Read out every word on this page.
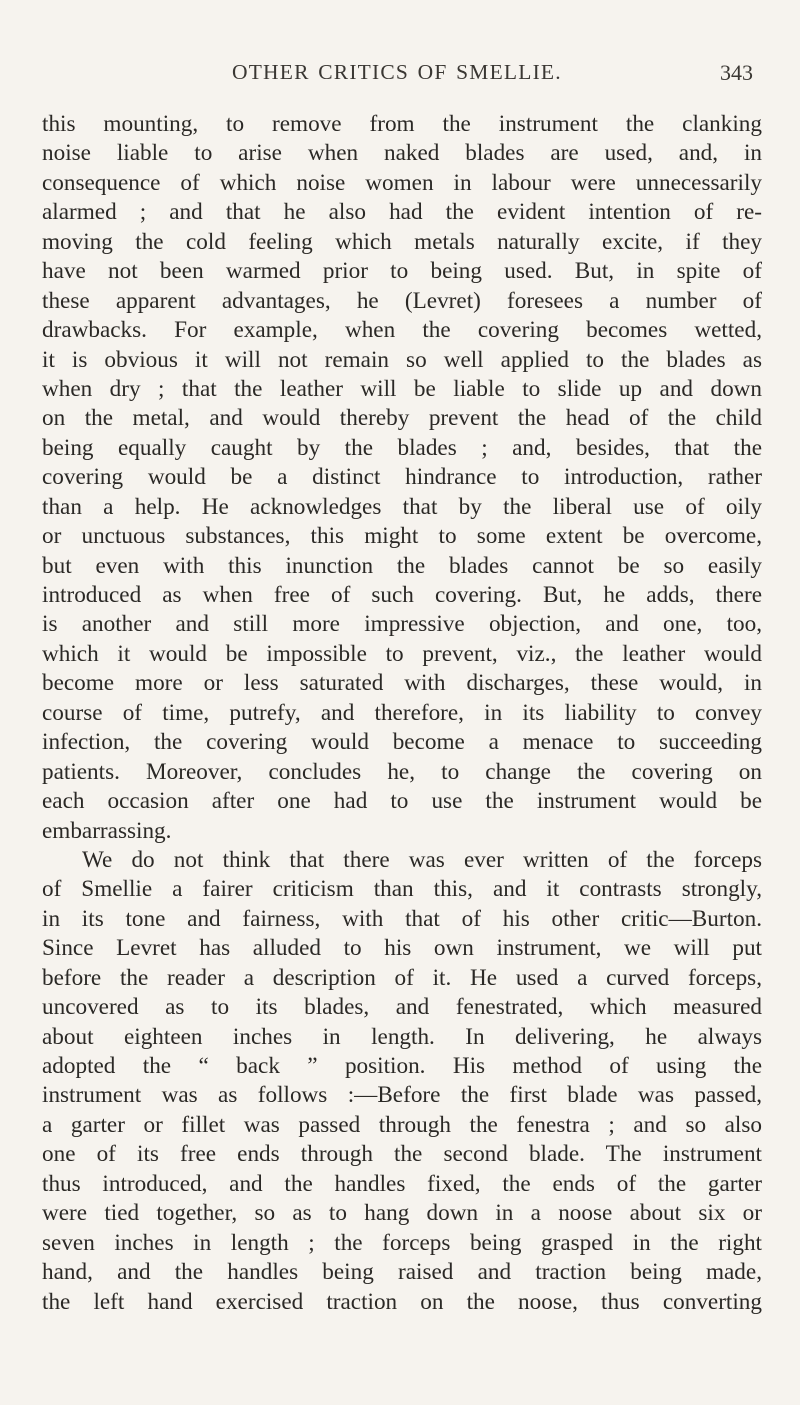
OTHER CRITICS OF SMELLIE.	343
this mounting, to remove from the instrument the clanking
noise liable to arise when naked blades are used, and, in
consequence of which noise women in labour were unnecessarily
alarmed ; and that he also had the evident intention of re-
moving the cold feeling which metals naturally excite, if they
have not been warmed prior to being used. But, in spite of
these apparent advantages, he (Levret) foresees a number of
drawbacks. For example, when the covering becomes wetted,
it is obvious it will not remain so well applied to the blades as
when dry ; that the leather will be liable to slide up and down
on the metal, and would thereby prevent the head of the child
being equally caught by the blades ; and, besides, that the
covering would be a distinct hindrance to introduction, rather
than a help. He acknowledges that by the liberal use of oily
or unctuous substances, this might to some extent be overcome,
but even with this inunction the blades cannot be so easily
introduced as when free of such covering. But, he adds, there
is another and still more impressive objection, and one, too,
which it would be impossible to prevent, viz., the leather would
become more or less saturated with discharges, these would, in
course of time, putrefy, and therefore, in its liability to convey
infection, the covering would become a menace to succeeding
patients. Moreover, concludes he, to change the covering on
each occasion after one had to use the instrument would be
embarrassing.
We do not think that there was ever written of the forceps
of Smellie a fairer criticism than this, and it contrasts strongly,
in its tone and fairness, with that of his other critic—Burton.
Since Levret has alluded to his own instrument, we will put
before the reader a description of it. He used a curved forceps,
uncovered as to its blades, and fenestrated, which measured
about eighteen inches in length. In delivering, he always
adopted the “ back ” position. His method of using the
instrument was as follows :—Before the first blade was passed,
a garter or fillet was passed through the fenestra ; and so also
one of its free ends through the second blade. The instrument
thus introduced, and the handles fixed, the ends of the garter
were tied together, so as to hang down in a noose about six or
seven inches in length ; the forceps being grasped in the right
hand, and the handles being raised and traction being made,
the left hand exercised traction on the noose, thus converting
